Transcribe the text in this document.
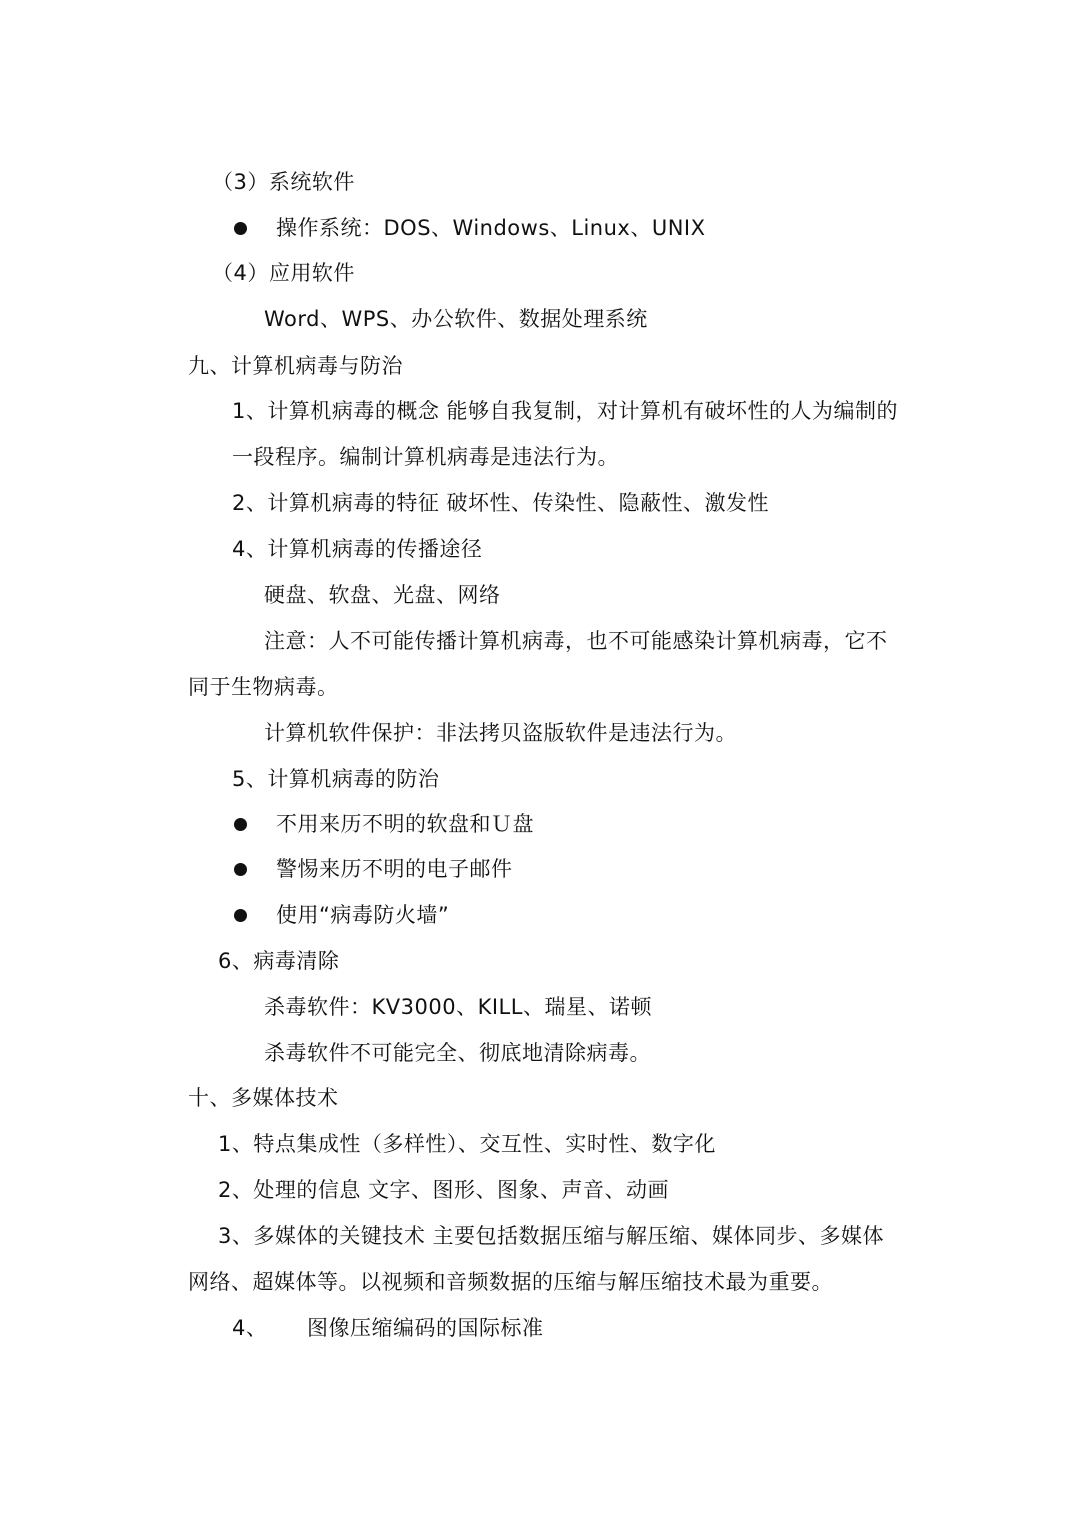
（3）系统软件
操作系统：DOS、Windows、Linux、UNIX
（4）应用软件
Word、WPS、办公软件、数据处理系统
九、计算机病毒与防治
1、计算机病毒的概念 能够自我复制，对计算机有破坏性的人为编制的
一段程序。编制计算机病毒是违法行为。
2、计算机病毒的特征 破坏性、传染性、隐蔽性、激发性
4、计算机病毒的传播途径
硬盘、软盘、光盘、网络
注意：人不可能传播计算机病毒，也不可能感染计算机病毒，它不
同于生物病毒。
计算机软件保护：非法拷贝盗版软件是违法行为。
5、计算机病毒的防治
不用来历不明的软盘和Ｕ盘
警惕来历不明的电子邮件
使用“病毒防火墙”
6、病毒清除
杀毒软件：KV3000、KILL、瑞星、诺顿
杀毒软件不可能完全、彻底地清除病毒。
十、多媒体技术
1、特点集成性（多样性）、交互性、实时性、数字化
2、处理的信息 文字、图形、图象、声音、动画
3、多媒体的关键技术 主要包括数据压缩与解压缩、媒体同步、多媒体
网络、超媒体等。以视频和音频数据的压缩与解压缩技术最为重要。
4、 图像压缩编码的国际标准
